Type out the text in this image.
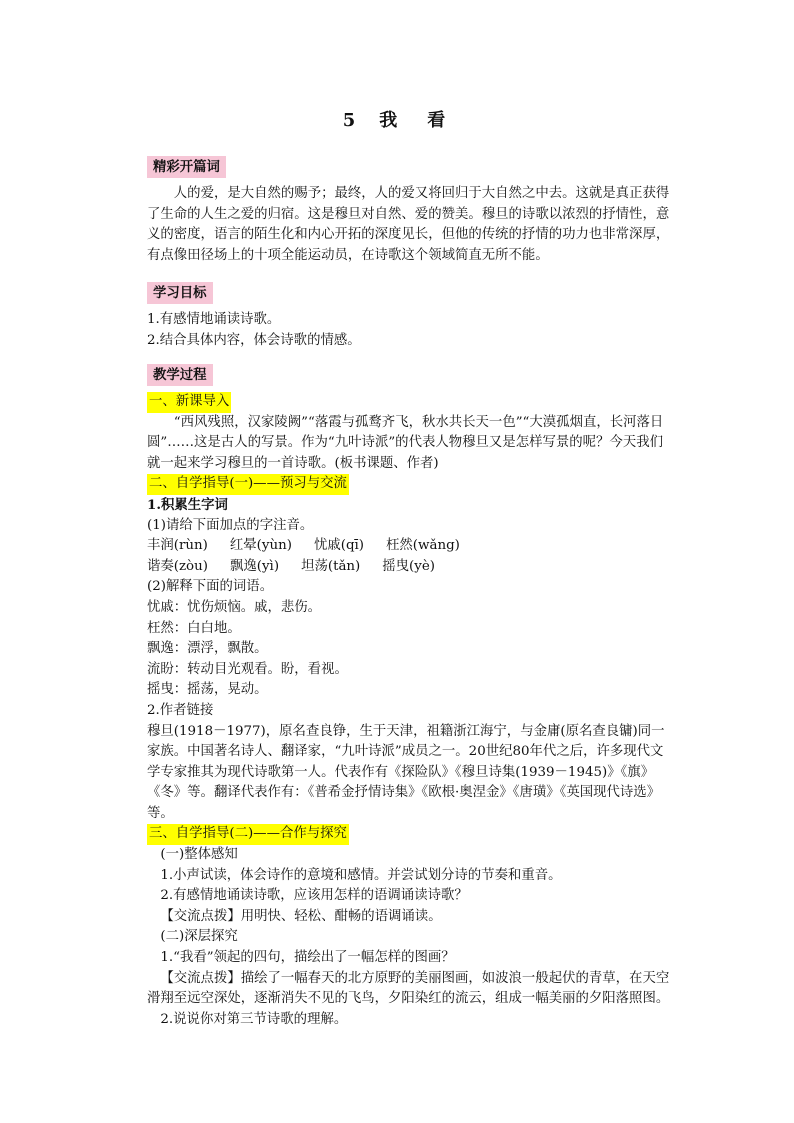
5 我　看
精彩开篇词

人的爱，是大自然的赐予；最终，人的爱又将回归于大自然之中去。这就是真正获得了生命的人生之爱的归宿。这是穆旦对自然、爱的赞美。穆旦的诗歌以浓烈的抒情性，意义的密度，语言的陌生化和内心开拓的深度见长，但他的传统的抒情的功力也非常深厚，有点像田径场上的十项全能运动员，在诗歌这个领域简直无所不能。

学习目标

1.有感情地诵读诗歌。

2.结合具体内容，体会诗歌的情感。

教学过程

一、新课导入

“西风残照，汉家陵阙”“落霞与孤鹜齐飞，秋水共长天一色”“大漠孤烟直，长河落日圆”……这是古人的写景。作为“九叶诗派”的代表人物穆旦又是怎样写景的呢？今天我们就一起来学习穆旦的一首诗歌。(板书课题、作者)

二、自学指导(一)——预习与交流

1.积累生字词

(1)请给下面加点的字注音。

丰润(rùn) 红晕(yùn) 忧戚(qī) 枉然(wǎng)

谐奏(zòu) 飘逸(yì) 坦荡(tǎn) 摇曳(yè)

(2)解释下面的词语。

忧戚：忧伤烦恼。戚，悲伤。

枉然：白白地。

飘逸：漂浮，飘散。

流盼：转动目光观看。盼，看视。

摇曳：摇荡，晃动。

2.作者链接

穆旦(1918－1977)，原名查良铮，生于天津，祖籍浙江海宁，与金庸(原名查良镛)同一家族。中国著名诗人、翻译家，“九叶诗派”成员之一。20世纪80年代之后，许多现代文学专家推其为现代诗歌第一人。代表作有《探险队》《穆旦诗集(1939－1945)》《旗》《冬》等。翻译代表作有：《普希金抒情诗集》《欧根·奥涅金》《唐璜》《英国现代诗选》等。

三、自学指导(二)——合作与探究

(一)整体感知

1.小声试读，体会诗作的意境和感情。并尝试划分诗的节奏和重音。

2.有感情地诵读诗歌，应该用怎样的语调诵读诗歌？

【交流点拨】用明快、轻松、酣畅的语调诵读。

(二)深层探究

1.“我看”领起的四句，描绘出了一幅怎样的图画？

【交流点拨】描绘了一幅春天的北方原野的美丽图画，如波浪一般起伏的青草，在天空滑翔至远空深处，逐渐消失不见的飞鸟，夕阳染红的流云，组成一幅美丽的夕阳落照图。

2.说说你对第三节诗歌的理解。
